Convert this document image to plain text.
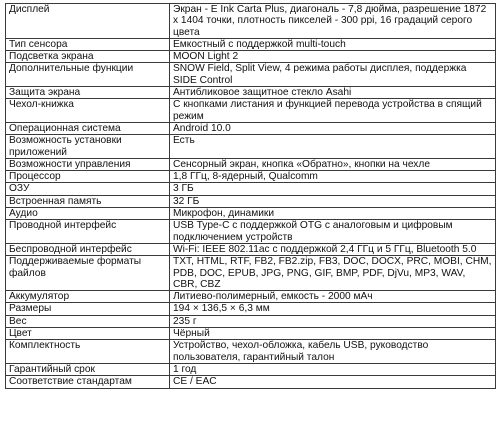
Дисплей	Экран - E Ink Carta Plus, диагональ - 7,8 дюйма, разрешение 1872 x 1404 точки, плотность пикселей - 300 ppi, 16 градаций серого цвета
Тип сенсора	Емкостный с поддержкой multi-touch
Подсветка экрана	MOON Light 2
Дополнительные функции	SNOW Field, Split View, 4 режима работы дисплея, поддержка SIDE Control
Защита экрана	Антибликовое защитное стекло Asahi
Чехол-книжка	С кнопками листания и функцией перевода устройства в спящий режим
Операционная система	Android 10.0
Возможность установки приложений	Есть
Возможности управления	Сенсорный экран, кнопка «Обратно», кнопки на чехле
Процессор	1,8 ГГц, 8-ядерный, Qualcomm
ОЗУ	3 ГБ
Встроенная память	32 ГБ
Аудио	Микрофон, динамики
Проводной интерфейс	USB Type-C с поддержкой OTG с аналоговым и цифровым подключением устройств
Беспроводной интерфейс	Wi-Fi: IEEE 802.11ac с поддержкой 2,4 ГГц и 5 ГГц, Bluetooth 5.0
Поддерживаемые форматы файлов	TXT, HTML, RTF, FB2, FB2.zip, FB3, DOC, DOCX, PRC, MOBI, CHM, PDB, DOC, EPUB, JPG, PNG, GIF, BMP, PDF, DjVu, MP3, WAV, CBR, CBZ
Аккумулятор	Литиево-полимерный, емкость - 2000 мАч
Размеры	194 × 136,5 × 6,3 мм
Вес	235 г
Цвет	Чёрный
Комплектность	Устройство, чехол-обложка, кабель USB, руководство пользователя, гарантийный талон
Гарантийный срок	1 год
Соответствие стандартам	CE / EAC
